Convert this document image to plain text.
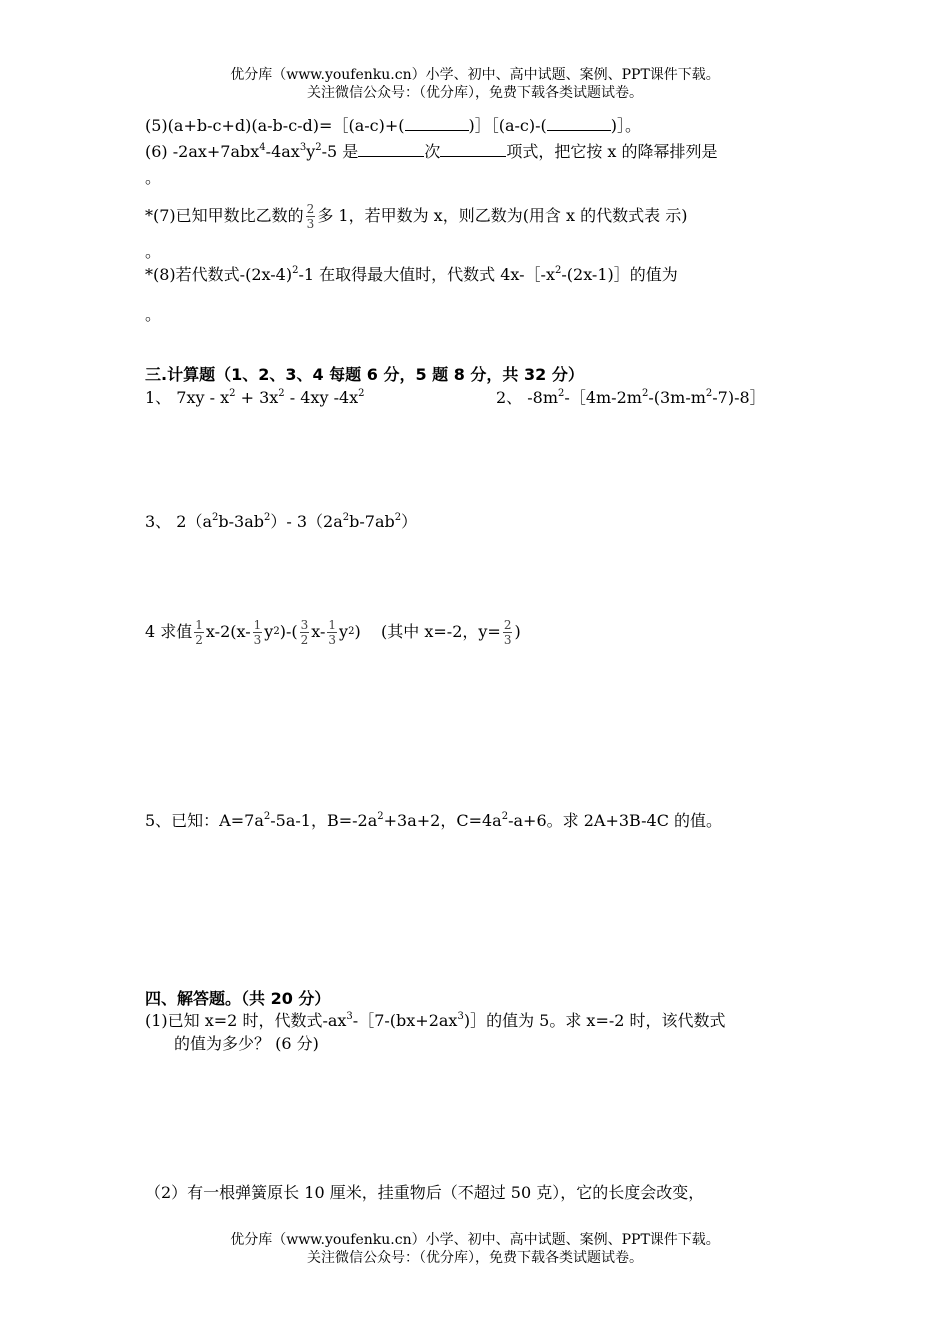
优分库（www.youfenku.cn）小学、初中、高中试题、案例、PPT课件下载。
关注微信公众号：（优分库），免费下载各类试题试卷。
(5)(a+b-c+d)(a-b-c-d)=［(a-c)+(	)］［(a-c)-(	)］。
(6) $-2ax+7abx^4-4ax^3y^2-5$ 是	次	项式，把它按 x 的降幂排列是
。
*(7)已知甲数比乙数的 $\frac{2}{3}$ 多 1，若甲数为 x，则乙数为(用含 x 的代数式表 示)
。
*(8)若代数式$-(2x-4)^2-1$ 在取得最大值时，代数式 $4x-[-x^2-(2x-1)]$的值为
。
三.计算题（1、2、3、4 每题 6 分，5 题 8 分，共 32 分）
1、 $7xy - x^2 + 3x^2 - 4xy$ $-4x^2$	2、 $-8m^2-[4m-2m^2-(3m-m^2-7)-8]$
3、 $2(a^2b-3ab^2)-$ $3(2a^2b-7ab^2)$
4 求值 $\frac{1}{2} x-2(x- \frac{1}{3}$ y 2 )-( $\frac{3}{2} x- \frac{1}{3}$ y 2 )    (其中 x=-2，$y= \frac{2}{3}$ )
5、已知：$A=7a^2-5a-1$，$B=-2a^2+3a+2$，$C=4a^2-a+6$。求 2A+3B-4C 的值。
四、解答题。（共 20 分）
(1)已知 x=2 时，代数式$-ax^3-[7-(bx+2ax^3)]$的值为 5。求 x=-2 时，该代数式
的值为多少？ (6 分)
（2）有一根弹簧原长 10 厘米，挂重物后（不超过 50 克），它的长度会改变，
优分库（www.youfenku.cn）小学、初中、高中试题、案例、PPT课件下载。
关注微信公众号：（优分库），免费下载各类试题试卷。
